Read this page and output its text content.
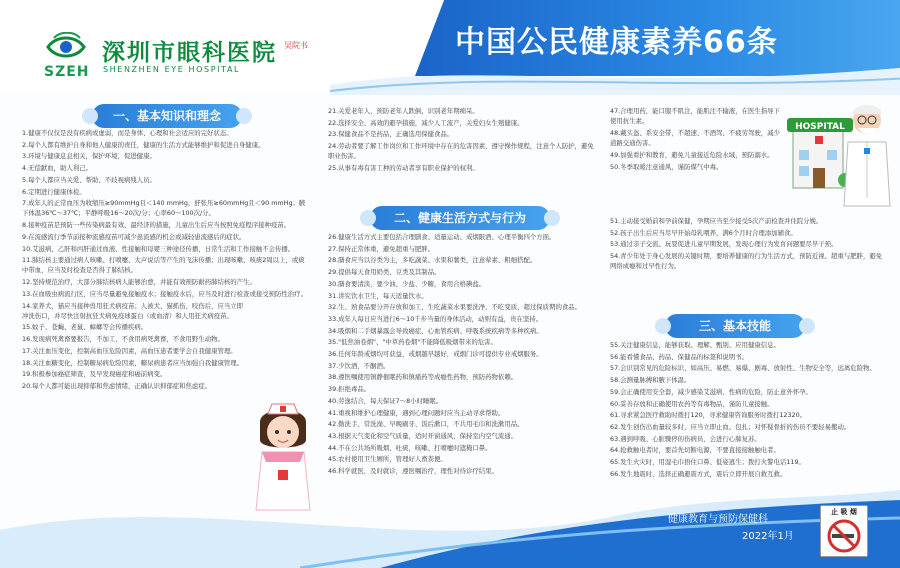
中国公民健康素养66条
SZEH
深圳市眼科医院
SHENZHEN EYE HOSPITAL
吴院书
一、基本知识和理念
二、健康生活方式与行为
三、基本技能

1.健康不仅仅是没有疾病或虚弱，而是身体、心理和社会适应的完好状态。

2.每个人都有维护自身和他人健康的责任，健康的生活方式能够维护和促进自身健康。

3.环境与健康息息相关，保护环境，促进健康。

4.无偿献血，助人利己。

5.每个人都应当关爱、帮助、不歧视病残人员。

6.定期进行健康体检。

7.成年人的正常血压为收缩压≥90mmHg且＜140 mmHg，舒张压≥60mmHg且＜90 mmHg；腋下体温36℃～37℃；平静呼吸16～20次/分；心率60～100次/分。

8.接种疫苗是预防一些传染病最有效、最经济的措施，儿童出生后应当按照免疫程序接种疫苗。

9.在流感流行季节前接种流感疫苗可减少患流感的机会或减轻患流感后的症状。

10.艾滋病、乙肝和丙肝通过血液、性接触和母婴三种途径传播，日常生活和工作接触不会传播。

11.肺结核主要通过病人咳嗽、打喷嚏、大声说话等产生的飞沫传播；出现咳嗽、咳痰2周以上，或痰中带血，应当及时检查是否得了肺结核。

12.坚持规范治疗，大部分肺结核病人能够治愈，并能有效预防耐药肺结核的产生。

13.在血吸虫病流行区，应当尽量避免接触疫水；接触疫水后，应当及时进行检查或接受预防性治疗。

14.家养犬、猫应当接种兽用狂犬病疫苗；人被犬、猫抓伤、咬伤后，应当立即冲洗伤口，并尽快注射抗狂犬病免疫球蛋白（或血清）和人用狂犬病疫苗。

15.蚊子、苍蝇、老鼠、蟑螂等会传播疾病。

16.发现病死禽畜要报告，不加工、不食用病死禽畜，不食用野生动物。

17.关注血压变化，控制高血压危险因素，高血压患者要学会自我健康管理。

18.关注血糖变化，控制糖尿病危险因素，糖尿病患者应当加强自我健康管理。

19.积极参加癌症筛查，及早发现癌症和癌前病变。

20.每个人都可能出现抑郁和焦虑情绪，正确认识抑郁症和焦虑症。

21.关爱老年人，预防老年人跌倒，识别老年期痴呆。

22.选择安全、高效的避孕措施，减少人工流产，关爱妇女生殖健康。

23.保健食品不是药品，正确选用保健食品。

24.劳动者要了解工作岗位和工作环境中存在的危害因素，遵守操作规程，注意个人防护，避免职业伤害。

25.从事有毒有害工种的劳动者享有职业保护的权利。

26.健康生活方式主要包括合理膳食、适量运动、戒烟限酒、心理平衡四个方面。

27.保持正常体重，避免超重与肥胖。

28.膳食应当以谷类为主，多吃蔬菜、水果和薯类，注意荤素、粗细搭配。

29.提倡每天食用奶类、豆类及其制品。

30.膳食要清淡，要少油、少盐、少糖，食用合格碘盐。

31.讲究饮水卫生，每天适量饮水。

32.生、熟食品要分开存放和加工，生吃蔬菜水果要洗净，不吃变质、超过保质期的食品。

33.成年人每日应当进行6～10千步当量的身体活动，动则有益，贵在坚持。

34.吸烟和二手烟暴露会导致癌症、心血管疾病、呼吸系统疾病等多种疾病。

35."低焦油卷烟"、"中草药卷烟"不能降低吸烟带来的危害。

36.任何年龄戒烟均可获益，戒烟越早越好，戒烟门诊可提供专业戒烟服务。

37.少饮酒，不酗酒。

38.遵医嘱使用镇静催眠药和镇痛药等成瘾性药物，预防药物依赖。

39.拒绝毒品。

40.劳逸结合，每天保证7～8小时睡眠。

41.重视和维护心理健康，遇到心理问题时应当主动寻求帮助。

42.勤洗手、常洗澡、早晚刷牙、饭后漱口，不共用毛巾和洗漱用品。

43.根据天气变化和空气质量，适时开窗通风，保持室内空气流通。

44.不在公共场所吸烟、吐痰，咳嗽、打喷嚏时遮掩口鼻。

45.农村使用卫生厕所，管理好人畜粪便。

46.科学就医，及时就诊，遵医嘱治疗，理性对待诊疗结果。

47.合理用药，能口服不肌注，能肌注不输液，在医生指导下使用抗生素。

48.戴头盔、系安全带，不超速、不酒驾、不疲劳驾驶，减少道路交通伤害。

49.加强看护和教育，避免儿童接近危险水域，预防溺水。

50.冬季取暖注意通风，谨防煤气中毒。

51.主动接受婚前和孕前保健，孕期应当至少接受5次产前检查并住院分娩。

52.孩子出生后应当尽早开始母乳喂养，满6个月时合理添加辅食。

53.通过亲子交流、玩耍促进儿童早期发展，发现心理行为发育问题要尽早干预。

54.青少年处于身心发展的关键时期，要培养健康的行为生活方式，预防近视、超重与肥胖，避免网络成瘾和过早性行为。

55.关注健康信息，能够获取、理解、甄别、应用健康信息。

56.能看懂食品、药品、保健品的标签和说明书。

57.会识别常见的危险标识，如高压、易燃、易爆、剧毒、放射性、生物安全等，远离危险物。

58.会测量脉搏和腋下体温。

59.会正确使用安全套，减少感染艾滋病、性病的危险，防止意外怀孕。

60.妥善存放和正确使用农药等有毒物品，谨防儿童接触。

61.寻求紧急医疗救助时拨打120，寻求健康咨询服务时拨打12320。

62.发生创伤出血量较多时，应当立即止血、包扎；对怀疑骨折的伤员不要轻易搬动。

63.遇到呼吸、心脏骤停的伤病员，会进行心肺复苏。

64.抢救触电者时，要首先切断电源，不要直接接触触电者。

65.发生火灾时，用湿毛巾捂住口鼻、低姿逃生；拨打火警电话119。

66.发生地震时，选择正确避震方式，震后立即开展自救互救。

HOSPITAL
健康教育与预防保健科
2022年1月
止 吸 烟
